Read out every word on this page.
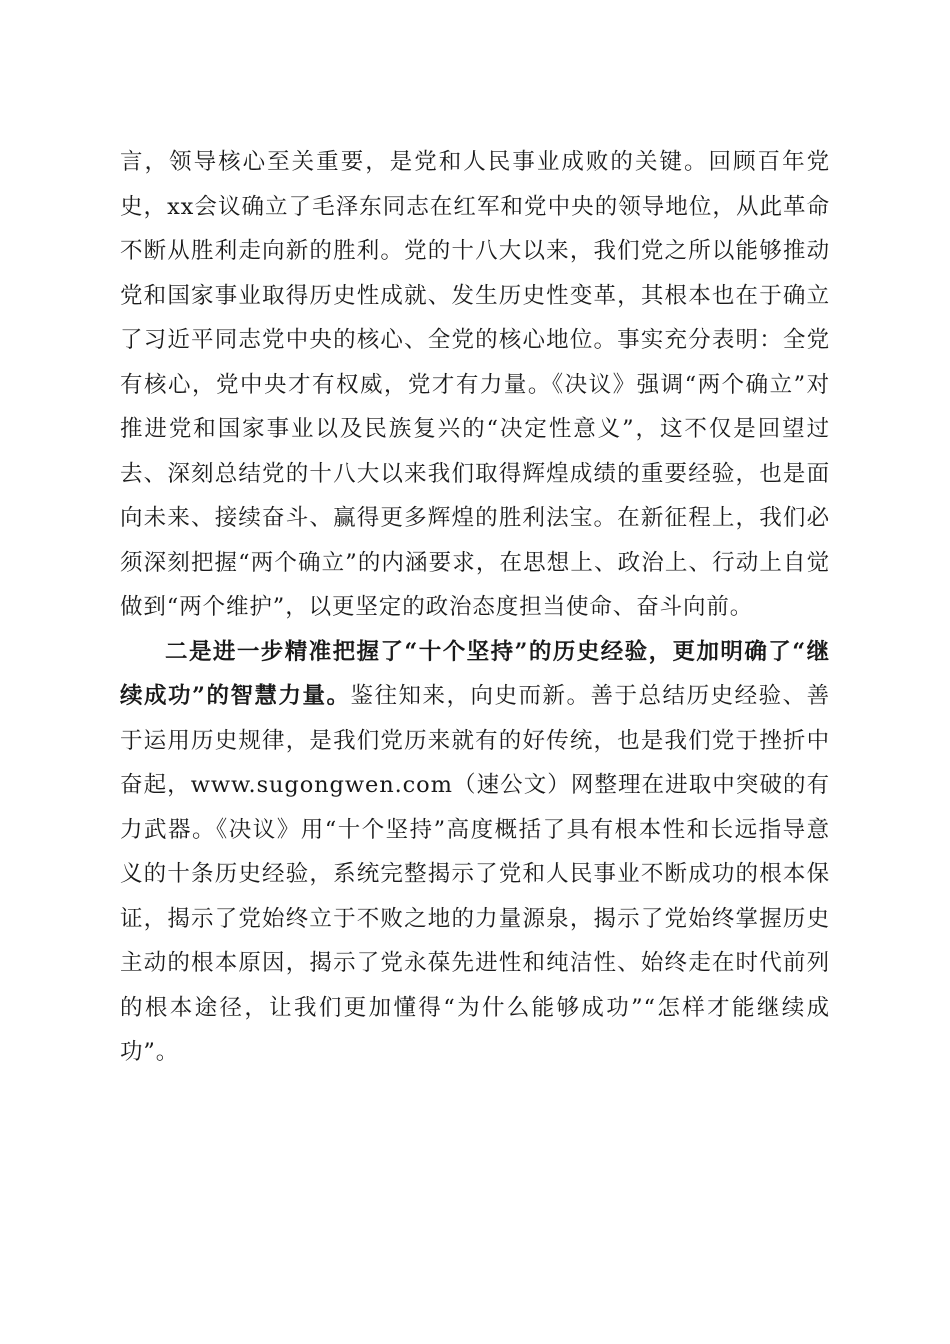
言，领导核心至关重要，是党和人民事业成败的关键。回顾百年党史，xx会议确立了毛泽东同志在红军和党中央的领导地位，从此革命不断从胜利走向新的胜利。党的十八大以来，我们党之所以能够推动党和国家事业取得历史性成就、发生历史性变革，其根本也在于确立了习近平同志党中央的核心、全党的核心地位。事实充分表明：全党有核心，党中央才有权威，党才有力量。《决议》强调“两个确立”对推进党和国家事业以及民族复兴的“决定性意义”，这不仅是回望过去、深刻总结党的十八大以来我们取得辉煌成绩的重要经验，也是面向未来、接续奋斗、赢得更多辉煌的胜利法宝。在新征程上，我们必须深刻把握“两个确立”的内涵要求，在思想上、政治上、行动上自觉做到“两个维护”，以更坚定的政治态度担当使命、奋斗向前。

二是进一步精准把握了“十个坚持”的历史经验，更加明确了“继续成功”的智慧力量。鉴往知来，向史而新。善于总结历史经验、善于运用历史规律，是我们党历来就有的好传统，也是我们党于挫折中奋起，www.sugongwen.com（速公文）网整理在进取中突破的有力武器。《决议》用“十个坚持”高度概括了具有根本性和长远指导意义的十条历史经验，系统完整揭示了党和人民事业不断成功的根本保证，揭示了党始终立于不败之地的力量源泉，揭示了党始终掌握历史主动的根本原因，揭示了党永葆先进性和纯洁性、始终走在时代前列的根本途径，让我们更加懂得“为什么能够成功”“怎样才能继续成功”。
